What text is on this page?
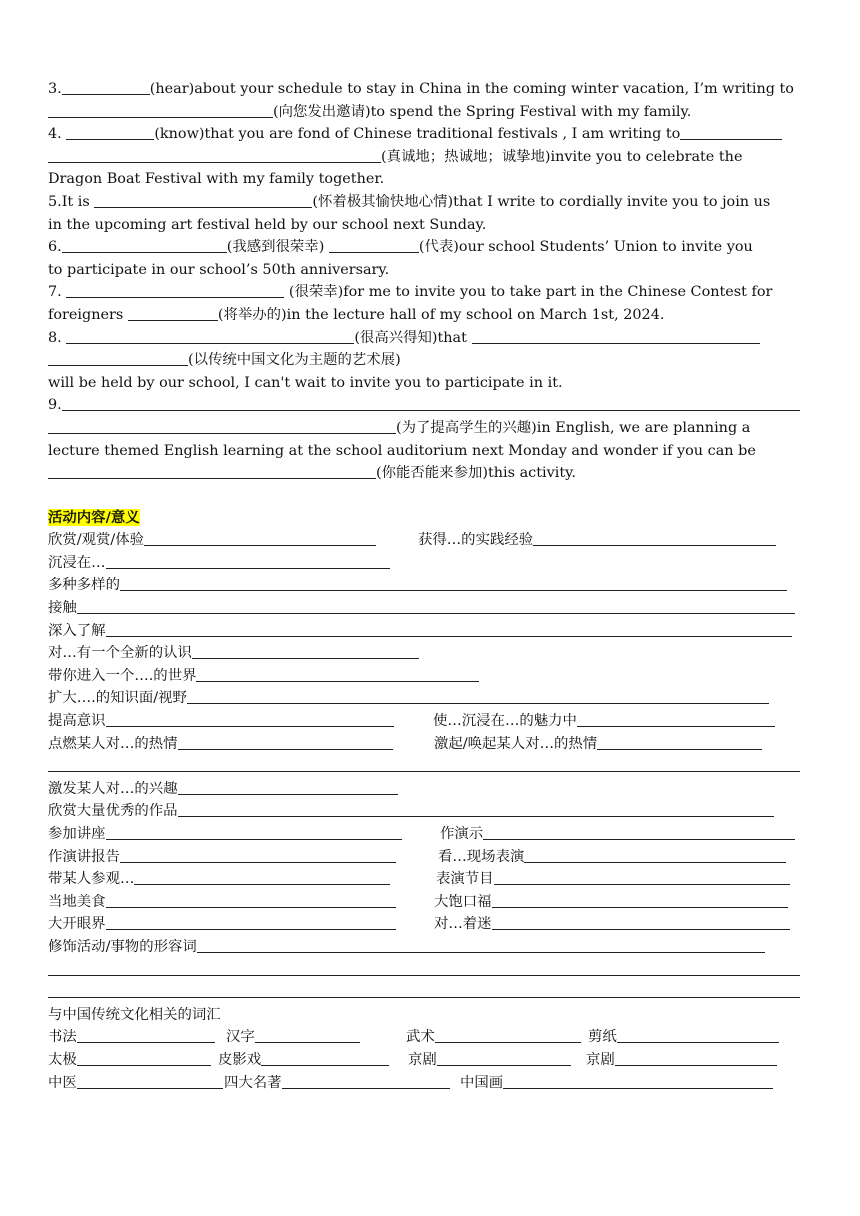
3.	(hear)about your schedule to stay in China in the coming winter vacation, I’m writing to
(向您发出邀请)to spend the Spring Festival with my family.
4.	(know)that you are fond of Chinese traditional festivals , I am writing to
(真诚地；热诚地；诚挚地)invite you to celebrate the
Dragon Boat Festival with my family together.
5.It is	(怀着极其愉快地心情)that I write to cordially invite you to join us
in the upcoming art festival held by our school next Sunday.
6.	(我感到很荣幸)	(代表)our school Students’ Union to invite you
to participate in our school’s 50th anniversary.
7.	(很荣幸)for me to invite you to take part in the Chinese Contest for
foreigners	(将举办的)in the lecture hall of my school on March 1st, 2024.
8.	(很高兴得知)that
(以传统中国文化为主题的艺术展)
will be held by our school, I can't wait to invite you to participate in it.
9.
(为了提高学生的兴趣)in English, we are planning a
lecture themed English learning at the school auditorium next Monday and wonder if you can be
(你能否能来参加)this activity.
活动内容/意义
欣赏/观赏/体验	获得…的实践经验
沉浸在…
多种多样的
接触
深入了解
对…有一个全新的认识
带你进入一个….的世界
扩大….的知识面/视野
提高意识	使…沉浸在…的魅力中
点燃某人对…的热情	激起/唤起某人对…的热情
激发某人对…的兴趣
欣赏大量优秀的作品
参加讲座	作演示
作演讲报告	看…现场表演
带某人参观…	表演节目
当地美食	大饱口福
大开眼界	对…着迷
修饰活动/事物的形容词
与中国传统文化相关的词汇
书法	汉字	武术	剪纸
太极	皮影戏	京剧	京剧
中医	四大名著	中国画
